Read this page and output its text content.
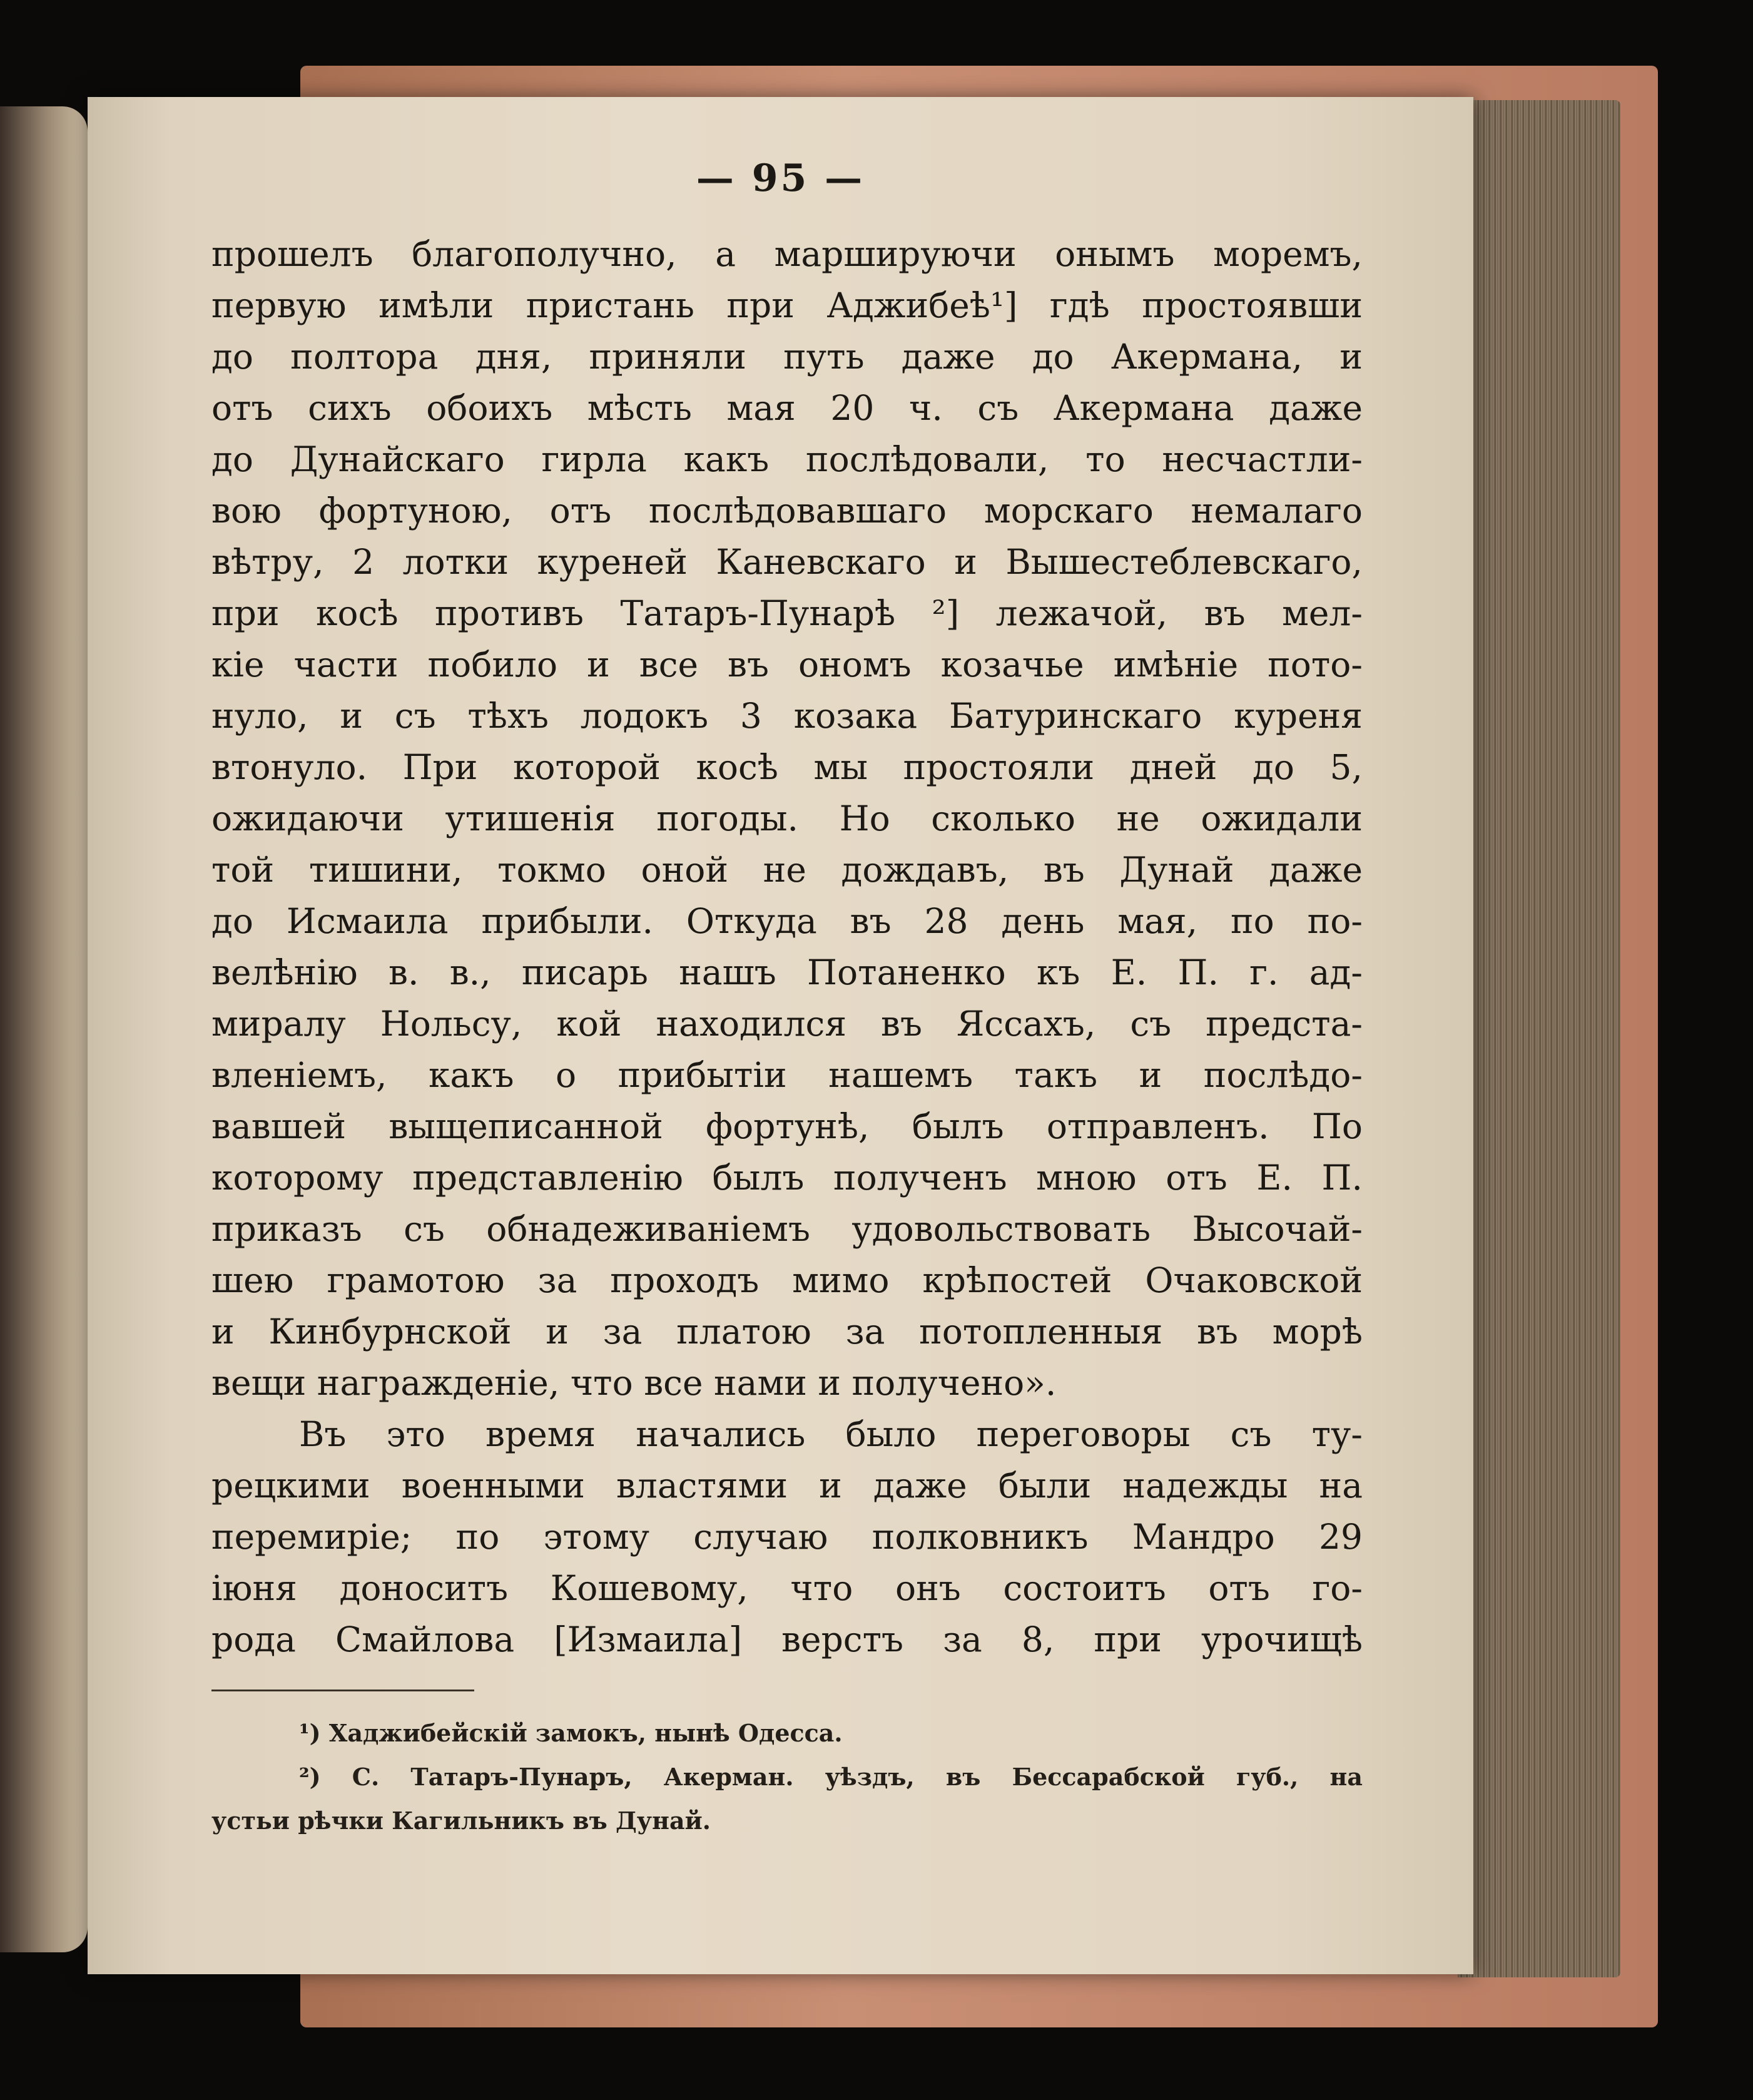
— 95 —
прошелъ благополучно, а маршируючи онымъ моремъ,
первую имѣли пристань при Аджибеѣ¹] гдѣ простоявши
до полтора дня, приняли путь даже до Акермана, и
отъ сихъ обоихъ мѣсть мая 20 ч. съ Акермана даже
до Дунайскаго гирла какъ послѣдовали, то несчастли-
вою фортуною, отъ послѣдовавшаго морскаго немалаго
вѣтру, 2 лотки куреней Каневскаго и Вышестеблевскаго,
при косѣ противъ Татаръ-Пунарѣ ²] лежачой, въ мел-
кіе части побило и все въ ономъ козачье имѣніе пото-
нуло, и съ тѣхъ лодокъ 3 козака Батуринскаго куреня
втонуло. При которой косѣ мы простояли дней до 5,
ожидаючи утишенія погоды. Но сколько не ожидали
той тишини, токмо оной не дождавъ, въ Дунай даже
до Исмаила прибыли. Откуда въ 28 день мая, по по-
велѣнію в. в., писарь нашъ Потаненко къ Е. П. г. ад-
миралу Нольсу, кой находился въ Яссахъ, съ предста-
вленіемъ, какъ о прибытіи нашемъ такъ и послѣдо-
вавшей выщеписанной фортунѣ, былъ отправленъ. По
которому представленію былъ полученъ мною отъ Е. П.
приказъ съ обнадеживаніемъ удовольствовать Высочай-
шею грамотою за проходъ мимо крѣпостей Очаковской
и Кинбурнской и за платою за потопленныя въ морѣ
вещи награжденіе, что все нами и получено».
Въ это время начались было переговоры съ ту-
рецкими военными властями и даже были надежды на
перемиріе; по этому случаю полковникъ Мандро 29
іюня доноситъ Кошевому, что онъ состоитъ отъ го-
рода Смайлова [Измаила] верстъ за 8, при урочищѣ
¹) Хаджибейскій замокъ, нынѣ Одесса.
²) С. Татаръ-Пунаръ, Акерман. уѣздъ, въ Бессарабской губ., на
устьи рѣчки Кагильникъ въ Дунай.
